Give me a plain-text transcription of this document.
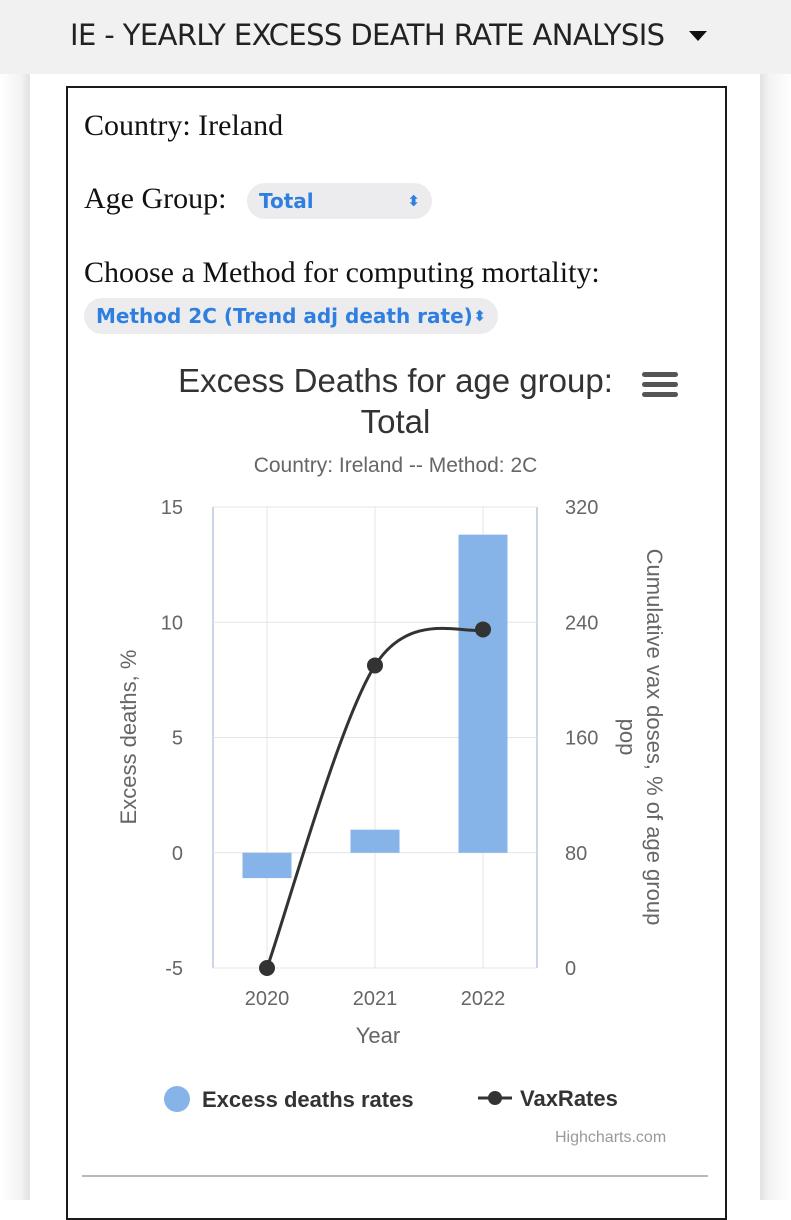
IE - YEARLY EXCESS DEATH RATE ANALYSIS
Country: Ireland
Age Group:	Total	⬍
Choose a Method for computing mortality:
Method 2C (Trend adj death rate) ⬍
Excess Deaths for age group:
Total
Country: Ireland -- Method: 2C
15
10
5
0
-5
320
240
160
80
0
2020	2021	2022
Year
Excess deaths, %	Cumulative vax doses, % of age group
pop
Excess deaths rates	VaxRates
Highcharts.com
